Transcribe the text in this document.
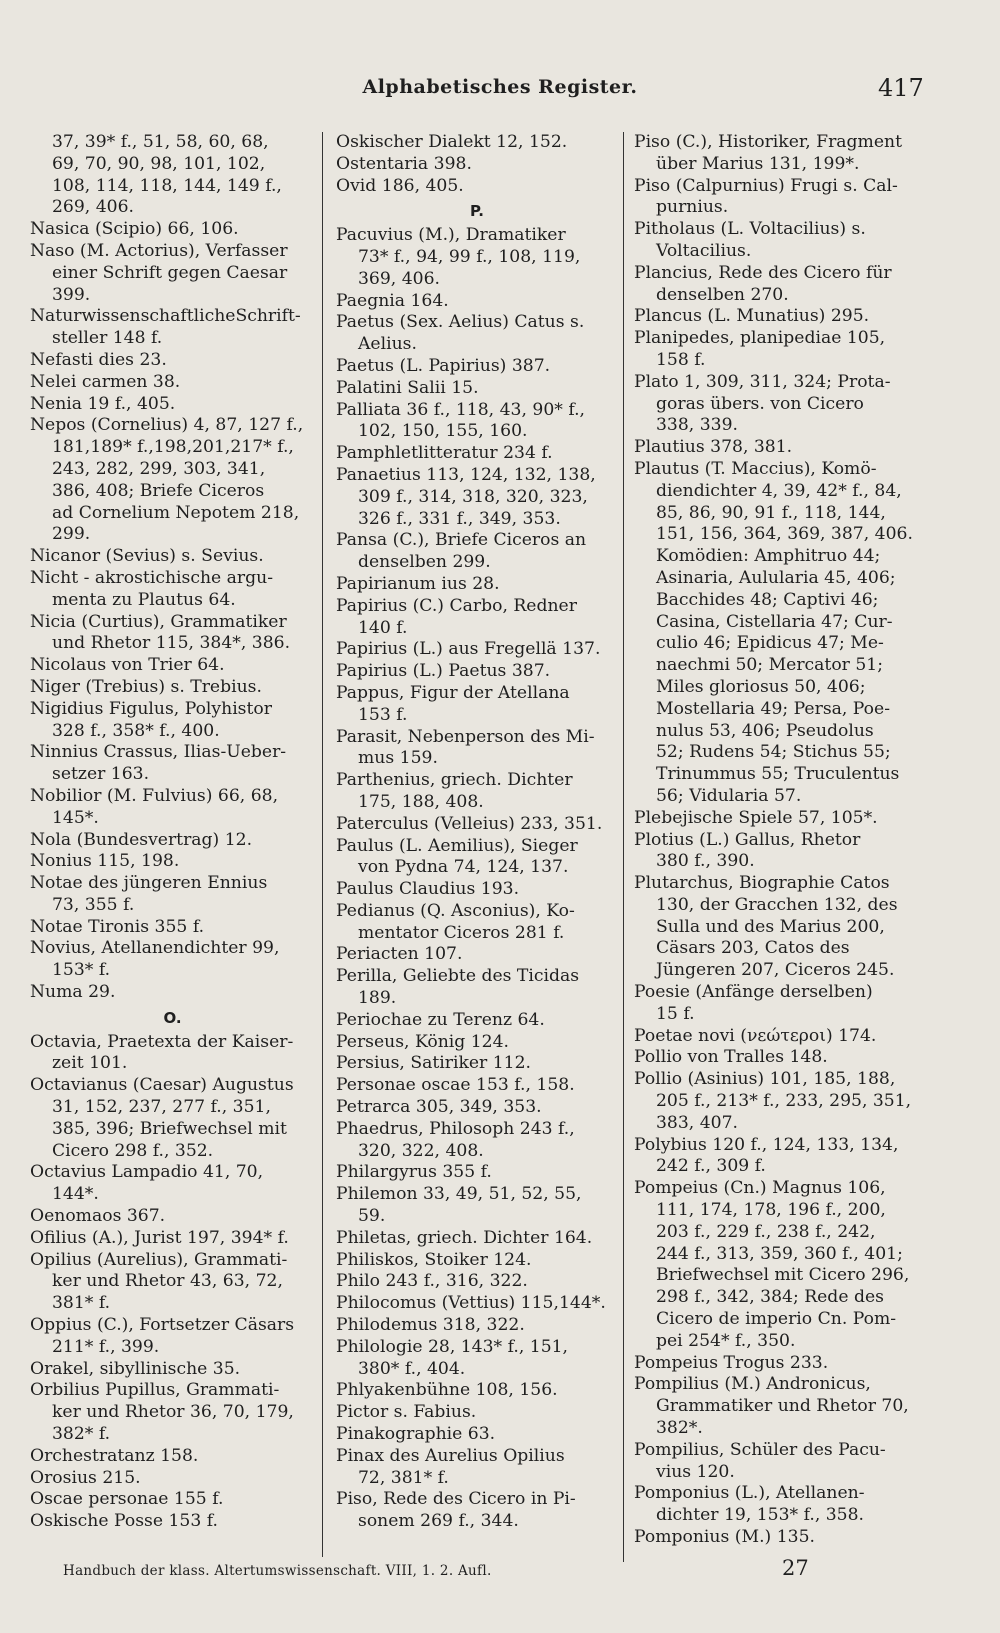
Alphabetisches Register.	417
37, 39* f., 51, 58, 60, 68,
69, 70, 90, 98, 101, 102,
108, 114, 118, 144, 149 f.,
269, 406.
Nasica (Scipio) 66, 106.
Naso (M. Actorius), Verfasser
einer Schrift gegen Caesar
399.
NaturwissenschaftlicheSchrift-
steller 148 f.
Nefasti dies 23.
Nelei carmen 38.
Nenia 19 f., 405.
Nepos (Cornelius) 4, 87, 127 f.,
181,189* f.,198,201,217* f.,
243, 282, 299, 303, 341,
386, 408; Briefe Ciceros
ad Cornelium Nepotem 218,
299.
Nicanor (Sevius) s. Sevius.
Nicht - akrostichische argu-
menta zu Plautus 64.
Nicia (Curtius), Grammatiker
und Rhetor 115, 384*, 386.
Nicolaus von Trier 64.
Niger (Trebius) s. Trebius.
Nigidius Figulus, Polyhistor
328 f., 358* f., 400.
Ninnius Crassus, Ilias-Ueber-
setzer 163.
Nobilior (M. Fulvius) 66, 68,
145*.
Nola (Bundesvertrag) 12.
Nonius 115, 198.
Notae des jüngeren Ennius
73, 355 f.
Notae Tironis 355 f.
Novius, Atellanendichter 99,
153* f.
Numa 29.
O.
Octavia, Praetexta der Kaiser-
zeit 101.
Octavianus (Caesar) Augustus
31, 152, 237, 277 f., 351,
385, 396; Briefwechsel mit
Cicero 298 f., 352.
Octavius Lampadio 41, 70,
144*.
Oenomaos 367.
Ofilius (A.), Jurist 197, 394* f.
Opilius (Aurelius), Grammati-
ker und Rhetor 43, 63, 72,
381* f.
Oppius (C.), Fortsetzer Cäsars
211* f., 399.
Orakel, sibyllinische 35.
Orbilius Pupillus, Grammati-
ker und Rhetor 36, 70, 179,
382* f.
Orchestratanz 158.
Orosius 215.
Oscae personae 155 f.
Oskische Posse 153 f.
Oskischer Dialekt 12, 152.
Ostentaria 398.
Ovid 186, 405.
P.
Pacuvius (M.), Dramatiker
73* f., 94, 99 f., 108, 119,
369, 406.
Paegnia 164.
Paetus (Sex. Aelius) Catus s.
Aelius.
Paetus (L. Papirius) 387.
Palatini Salii 15.
Palliata 36 f., 118, 43, 90* f.,
102, 150, 155, 160.
Pamphletlitteratur 234 f.
Panaetius 113, 124, 132, 138,
309 f., 314, 318, 320, 323,
326 f., 331 f., 349, 353.
Pansa (C.), Briefe Ciceros an
denselben 299.
Papirianum ius 28.
Papirius (C.) Carbo, Redner
140 f.
Papirius (L.) aus Fregellä 137.
Papirius (L.) Paetus 387.
Pappus, Figur der Atellana
153 f.
Parasit, Nebenperson des Mi-
mus 159.
Parthenius, griech. Dichter
175, 188, 408.
Paterculus (Velleius) 233, 351.
Paulus (L. Aemilius), Sieger
von Pydna 74, 124, 137.
Paulus Claudius 193.
Pedianus (Q. Asconius), Ko-
mentator Ciceros 281 f.
Periacten 107.
Perilla, Geliebte des Ticidas
189.
Periochae zu Terenz 64.
Perseus, König 124.
Persius, Satiriker 112.
Personae oscae 153 f., 158.
Petrarca 305, 349, 353.
Phaedrus, Philosoph 243 f.,
320, 322, 408.
Philargyrus 355 f.
Philemon 33, 49, 51, 52, 55,
59.
Philetas, griech. Dichter 164.
Philiskos, Stoiker 124.
Philo 243 f., 316, 322.
Philocomus (Vettius) 115,144*.
Philodemus 318, 322.
Philologie 28, 143* f., 151,
380* f., 404.
Phlyakenbühne 108, 156.
Pictor s. Fabius.
Pinakographie 63.
Pinax des Aurelius Opilius
72, 381* f.
Piso, Rede des Cicero in Pi-
sonem 269 f., 344.
Piso (C.), Historiker, Fragment
über Marius 131, 199*.
Piso (Calpurnius) Frugi s. Cal-
purnius.
Pitholaus (L. Voltacilius) s.
Voltacilius.
Plancius, Rede des Cicero für
denselben 270.
Plancus (L. Munatius) 295.
Planipedes, planipediae 105,
158 f.
Plato 1, 309, 311, 324; Prota-
goras übers. von Cicero
338, 339.
Plautius 378, 381.
Plautus (T. Maccius), Komö-
diendichter 4, 39, 42* f., 84,
85, 86, 90, 91 f., 118, 144,
151, 156, 364, 369, 387, 406.
Komödien: Amphitruo 44;
Asinaria, Aulularia 45, 406;
Bacchides 48; Captivi 46;
Casina, Cistellaria 47; Cur-
culio 46; Epidicus 47; Me-
naechmi 50; Mercator 51;
Miles gloriosus 50, 406;
Mostellaria 49; Persa, Poe-
nulus 53, 406; Pseudolus
52; Rudens 54; Stichus 55;
Trinummus 55; Truculentus
56; Vidularia 57.
Plebejische Spiele 57, 105*.
Plotius (L.) Gallus, Rhetor
380 f., 390.
Plutarchus, Biographie Catos
130, der Gracchen 132, des
Sulla und des Marius 200,
Cäsars 203, Catos des
Jüngeren 207, Ciceros 245.
Poesie (Anfänge derselben)
15 f.
Poetae novi (νεώτεροι) 174.
Pollio von Tralles 148.
Pollio (Asinius) 101, 185, 188,
205 f., 213* f., 233, 295, 351,
383, 407.
Polybius 120 f., 124, 133, 134,
242 f., 309 f.
Pompeius (Cn.) Magnus 106,
111, 174, 178, 196 f., 200,
203 f., 229 f., 238 f., 242,
244 f., 313, 359, 360 f., 401;
Briefwechsel mit Cicero 296,
298 f., 342, 384; Rede des
Cicero de imperio Cn. Pom-
pei 254* f., 350.
Pompeius Trogus 233.
Pompilius (M.) Andronicus,
Grammatiker und Rhetor 70,
382*.
Pompilius, Schüler des Pacu-
vius 120.
Pomponius (L.), Atellanen-
dichter 19, 153* f., 358.
Pomponius (M.) 135.
Handbuch der klass. Altertumswissenschaft. VIII, 1. 2. Aufl.	27
